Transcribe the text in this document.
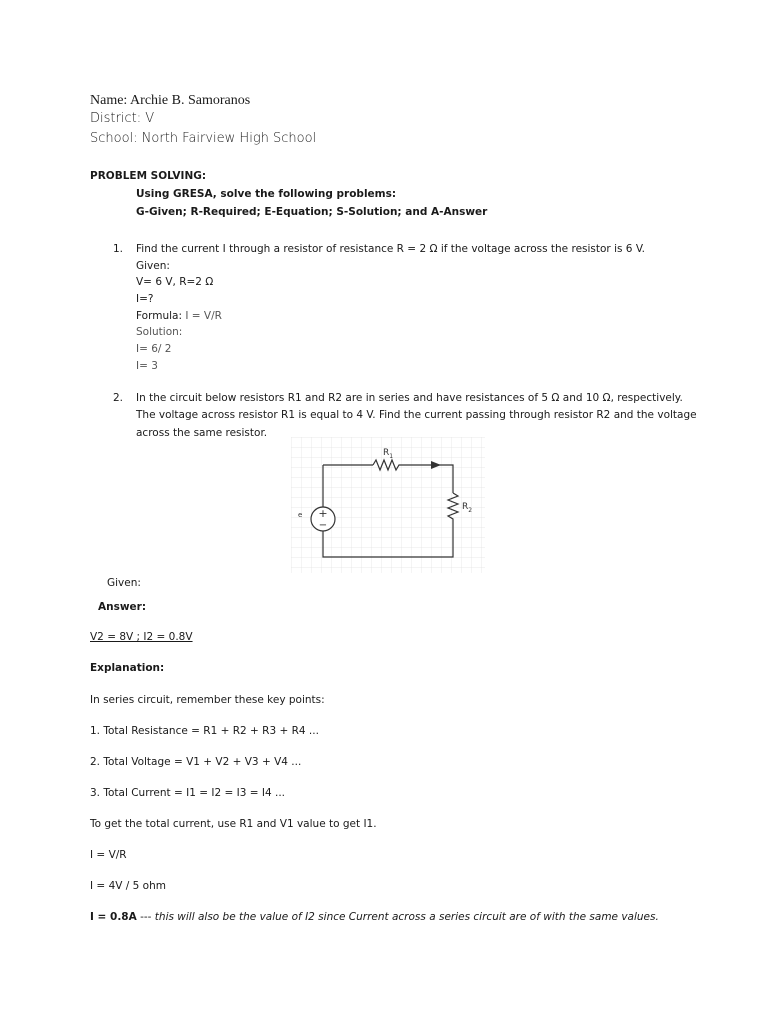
Name: Archie B. Samoranos
District: V
School: North Fairview High School
PROBLEM SOLVING:
Using GRESA, solve the following problems:
G-Given; R-Required; E-Equation; S-Solution; and A-Answer
1. Find the current I through a resistor of resistance R = 2 Ω if the voltage across the resistor is 6 V.
Given:
V= 6 V, R=2 Ω
I=?
Formula: I = V/R
Solution:
I= 6/ 2
I= 3
2. In the circuit below resistors R1 and R2 are in series and have resistances of 5 Ω and 10 Ω, respectively.
The voltage across resistor R1 is equal to 4 V. Find the current passing through resistor R2 and the voltage
across the same resistor.
+
−
e
$R_1$
$R_2$
Given:
Answer:
V2 = 8V ; I2 = 0.8V
Explanation:
In series circuit, remember these key points:
1. Total Resistance = R1 + R2 + R3 + R4 ...
2. Total Voltage = V1 + V2 + V3 + V4 ...
3. Total Current = I1 = I2 = I3 = I4 ...
To get the total current, use R1 and V1 value to get I1.
I = V/R
I = 4V / 5 ohm
I = 0.8A --- this will also be the value of I2 since Current across a series circuit are of with the same values.
